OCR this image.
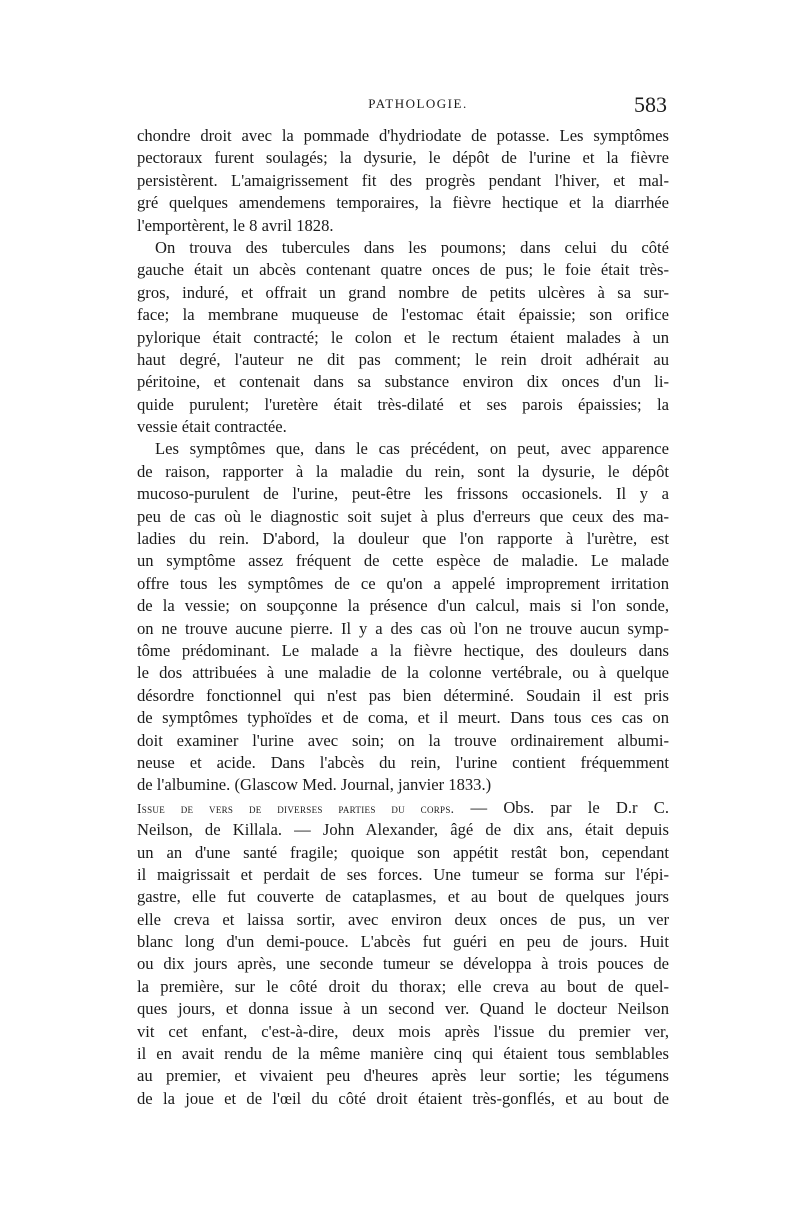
PATHOLOGIE.	583
chondre droit avec la pommade d'hydriodate de potasse. Les symptômes
pectoraux furent soulagés; la dysurie, le dépôt de l'urine et la fièvre
persistèrent. L'amaigrissement fit des progrès pendant l'hiver, et mal-
gré quelques amendemens temporaires, la fièvre hectique et la diarrhée
l'emportèrent, le 8 avril 1828.
On trouva des tubercules dans les poumons; dans celui du côté
gauche était un abcès contenant quatre onces de pus; le foie était très-
gros, induré, et offrait un grand nombre de petits ulcères à sa sur-
face; la membrane muqueuse de l'estomac était épaissie; son orifice
pylorique était contracté; le colon et le rectum étaient malades à un
haut degré, l'auteur ne dit pas comment; le rein droit adhérait au
péritoine, et contenait dans sa substance environ dix onces d'un li-
quide purulent; l'uretère était très-dilaté et ses parois épaissies; la
vessie était contractée.
Les symptômes que, dans le cas précédent, on peut, avec apparence
de raison, rapporter à la maladie du rein, sont la dysurie, le dépôt
mucoso-purulent de l'urine, peut-être les frissons occasionels. Il y a
peu de cas où le diagnostic soit sujet à plus d'erreurs que ceux des ma-
ladies du rein. D'abord, la douleur que l'on rapporte à l'urètre, est
un symptôme assez fréquent de cette espèce de maladie. Le malade
offre tous les symptômes de ce qu'on a appelé improprement irritation
de la vessie; on soupçonne la présence d'un calcul, mais si l'on sonde,
on ne trouve aucune pierre. Il y a des cas où l'on ne trouve aucun symp-
tôme prédominant. Le malade a la fièvre hectique, des douleurs dans
le dos attribuées à une maladie de la colonne vertébrale, ou à quelque
désordre fonctionnel qui n'est pas bien déterminé. Soudain il est pris
de symptômes typhoïdes et de coma, et il meurt. Dans tous ces cas on
doit examiner l'urine avec soin; on la trouve ordinairement albumi-
neuse et acide. Dans l'abcès du rein, l'urine contient fréquemment
de l'albumine. (Glascow Med. Journal, janvier 1833.)
Issue de vers de diverses parties du corps. — Obs. par le D.r C.
Neilson, de Killala. — John Alexander, âgé de dix ans, était depuis
un an d'une santé fragile; quoique son appétit restât bon, cependant
il maigrissait et perdait de ses forces. Une tumeur se forma sur l'épi-
gastre, elle fut couverte de cataplasmes, et au bout de quelques jours
elle creva et laissa sortir, avec environ deux onces de pus, un ver
blanc long d'un demi-pouce. L'abcès fut guéri en peu de jours. Huit
ou dix jours après, une seconde tumeur se développa à trois pouces de
la première, sur le côté droit du thorax; elle creva au bout de quel-
ques jours, et donna issue à un second ver. Quand le docteur Neilson
vit cet enfant, c'est-à-dire, deux mois après l'issue du premier ver,
il en avait rendu de la même manière cinq qui étaient tous semblables
au premier, et vivaient peu d'heures après leur sortie; les tégumens
de la joue et de l'œil du côté droit étaient très-gonflés, et au bout de
